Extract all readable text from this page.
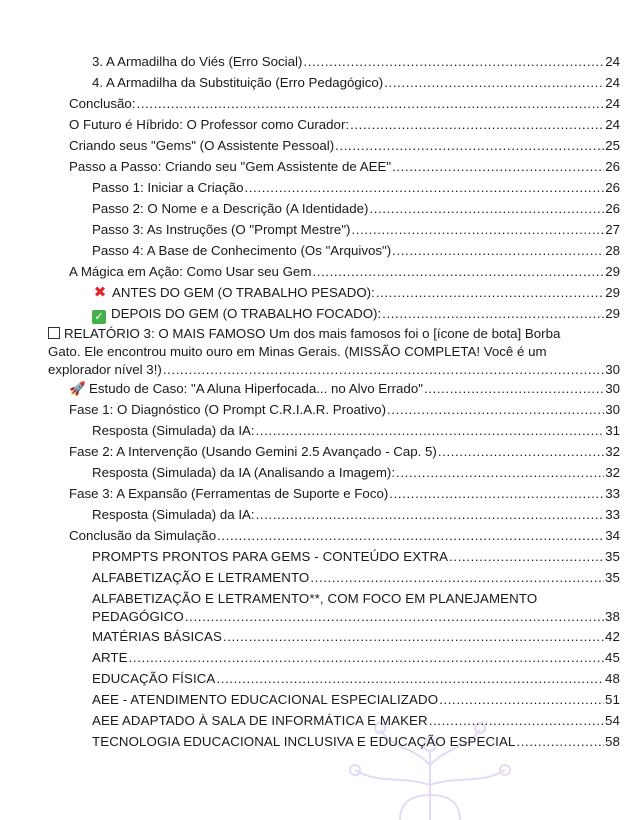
3. A Armadilha do Viés (Erro Social) .....	24
4. A Armadilha da Substituição (Erro Pedagógico) .....	24
Conclusão: .....	24
O Futuro é Híbrido: O Professor como Curador: .....	24
Criando seus "Gems" (O Assistente Pessoal) .....	25
Passo a Passo: Criando seu "Gem Assistente de AEE" .....	26
Passo 1: Iniciar a Criação .....	26
Passo 2: O Nome e a Descrição (A Identidade) .....	26
Passo 3: As Instruções (O "Prompt Mestre") .....	27
Passo 4: A Base de Conhecimento (Os "Arquivos") .....	28
A Mágica em Ação: Como Usar seu Gem .....	29
✖ ANTES DO GEM (O TRABALHO PESADO): .....	29
✓ DEPOIS DO GEM (O TRABALHO FOCADO): .....	29
RELATÓRIO 3: O MAIS FAMOSO Um dos mais famosos foi o [ícone de bota] Borba
Gato. Ele encontrou muito ouro em Minas Gerais. (MISSÃO COMPLETA! Você é um
explorador nível 3!) .....	30
🚀 Estudo de Caso: "A Aluna Hiperfocada... no Alvo Errado" .....	30
Fase 1: O Diagnóstico (O Prompt C.R.I.A.R. Proativo) .....	30
Resposta (Simulada) da IA: .....	31
Fase 2: A Intervenção (Usando Gemini 2.5 Avançado - Cap. 5) .....	32
Resposta (Simulada) da IA (Analisando a Imagem): .....	32
Fase 3: A Expansão (Ferramentas de Suporte e Foco) .....	33
Resposta (Simulada) da IA: .....	33
Conclusão da Simulação .....	34
PROMPTS PRONTOS PARA GEMS - CONTEÚDO EXTRA .....	35
ALFABETIZAÇÃO E LETRAMENTO .....	35
ALFABETIZAÇÃO E LETRAMENTO**, COM FOCO EM PLANEJAMENTO
PEDAGÓGICO .....	38
MATÉRIAS BÁSICAS .....	42
ARTE .....	45
EDUCAÇÃO FÍSICA .....	48
AEE - ATENDIMENTO EDUCACIONAL ESPECIALIZADO .....	51
AEE ADAPTADO À SALA DE INFORMÁTICA E MAKER .....	54
TECNOLOGIA EDUCACIONAL INCLUSIVA E EDUCAÇÃO ESPECIAL .....	58
